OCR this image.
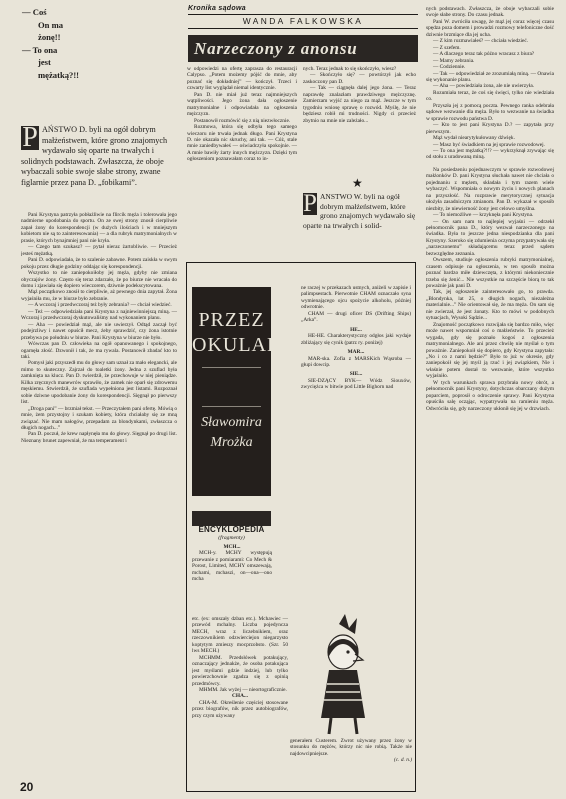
— Coś
On ma
żonę!!
— To ona
jest
mężatką?!!
Kronika sądowa
WANDA FALKOWSKA
Narzeczony z anonsu
P AŃSTWO D. byli na ogół dobrym małżeństwem, które grono znajomych wydawało się oparte na trwałych i solidnych podstawach. Zwłaszcza, że oboje wybaczali sobie swoje słabe strony, zwane figlarnie przez pana D. „fobikami”.

Pani Krystyna patrzyła pobłażliwie na flircik męża i tolerowała jego nadmierne upodobania do sportu. On ze swej strony znosił cierpliwie zapał żony do korespondencji (w dużych ilościach i w mniejszym kobietom nie są to zainteresowania) — a dla rubryk matrymonialnych w prasie, których bynajmniej pani nie kryła.

— Czego tam szukasz? — pytał nieraz żartobliwie. — Przecież jesteś mężatką.

Pani D. odpowiadała, że to szalenie zabawne. Potem zaiskła w swym pokoju przez długie godziny oddając się korespondencji.

Wszystko to nie zaniepokoiłoby jej męża, gdyby nie zmiana obyczajów żony. Często się teraz zdarzało, że po biurze nie wracała do domu i zjawiała się dopiero wieczorem, dziwnie podekscytowana.

Mąż początkowo znosił to cierpliwie, aż pewnego dnia zapytał. Żona wyjaśniła mu, że w biurze było zebranie.

— A wczoraj i przedwczoraj też były zebrania? — chciał wiedzieć.

— Też — odpowiedziała pani Krystyna z najniewinniejszą miną. — Wczoraj i przedwczoraj dyskutowaliśmy nad wykonaniem planu.

— Aha — powiedział mąż, ale nie uwierzył. Odtąd zaczął być podejrzliwy i nawet opuścił mecz, żeby sprawdzić, czy żona istotnie przebywa po południu w biurze. Pani Krystyna w biurze nie było.

Wówczas pan D. człowieka na ogół opanowanego i spokojnego, ogarnęła złość. Dzwonił i tak, że ma rywala. Postanowił zbadać kto to taki.

Pomysł jaki przyszedł mu do głowy sam uznał za mało elegancki, ale mimo to skuteczny. Zajrzał do toaletki żony. Jedna z szuflad była zamknięta na klucz. Pan D. twierdził, że przechowuje w niej pieniądze. Kilka zręcznych manewrów sprawiło, że zamek nie oparł się zdrowemu męskiemu. Stwierdził, że szuflada wypełniona jest listami. Rozpoznał sobie dziwne upodobanie żony do korespondencji. Sięgnął po pierwszy list.

„Droga pani” — brzmiał tekst. — Przeczytałem pani ofertę. Mówią o mnie, żem przystojny i szukam kobiety, która chciałaby się ze mną związać. Nie mam nałogów, przepadam za blondynkami, zwłaszcza o długich nogach...”

Pan D. poczuł, że krew napłynęła mu do głowy. Sięgnął po drugi list. Nieznany brunet zapewniał, że ma temperament i

w odpowiedzi na ofertę zaprasza do restauracji Calypso. „Potem możemy pójść do mnie, aby poznać się dokładniej” — kończył. Trzeci i czwarty list wyglądał niemal identycznie.

Pan D. nie miał już teraz najmniejszych wątpliwości. Jego żona dała ogłoszenie matrymonialne i odpowiadała na ogłoszenia mężczyzn.

Postanowił rozmówić się z nią niezwłocznie.

Rozmowa, która się odbyła tego samego wieczoru nie trwała jednak długo. Pani Krystyna D. nie okazała nic skruchy, ani tak. — Cóż, stale mnie zaniedbywałeś — oświadczyła spokojnie. — A mnie bawiły żarty innych mężczyzn. Dzięki tym ogłoszeniom poznawałam coraz to in-

nych. Teraz jednak to się skończyło, wiesz?

— Skończyło się? — powtórzył jak echo zaskoczony pan D.

— Tak — ciągnęła dalej jego żona. — Teraz naprawdę znalazłam prawdziwego mężczyznę. Zamierzam wyjść za niego za mąż. Jeszcze w tym tygodniu wniosę sprawę o rozwód. Myślę, że nie będziesz robił mi trudności. Nigdy ci przecież zbytnio na mnie nie zależało...

★
P ANSTWO W. byli na ogół dobrym małżeństwem, które grono znajomych wydawało się oparte na trwałych i solid-
PRZEZ
OKULARY
Sławomira
Mrożka
ENCYKLOPEDIA
(fragmenty)

MCH...

MCH-y. MCHY występują przewanie z pomiarami: Co Mech & Porost, Limited, MCHY omszewają, mchami, mchaszi, on—ona—ono mcha

etc. (ex: omszały dzban etc.). Mchawiec — przewód mchalny. Liczba pojedyncza MECH, wraz z liczebnikiem, oraz rzeczownikiem odzwierciejon niegarzysto koptytym zmieszy mocprzobsto. (Szr. 50 lws MECH.)

MCHMM. Przedsłówek potakujący, oznaczający jednakże, że osoba potakująca jest myślami gdzie indziej, lub tylko powierzchownie zgadza się z opinią przedmówcy.

MHMM. Jak wyżej — nieortograficznie.

CHA...

CHA-M. Określenie częściej stosowane przez biografów, nik przez autobiografów, przy czym używany

ne raczej w przekazach ustnych, aniżeli w zapisie i palimpsestach. Pierwotnie CHAM oznaczało syna wymienającego ojcu spożycie alkoholu, później odwrotnie.

CHAM — drugi oficer DS (Drifting Ships) „Arka”.

HE...

HE-HE. Charakterystyczny odgłos jaki wydaje zbliżający się cynik (patrz ry. poniżej)

MAR...

MAR-ska. Zofia z MARSKich Wąsroba — głupi dowcip.

SIE...

SIE-DZĄCY BYK— Wódz Siouxów, zwyciężca w bitwie pod Little Bighorn nad

generałem Custerem. Zwrot używany przez żony w stosunku do mężów, którzy nic nie robią. Także nie najdowcipniejsze.

(c. d. n.)

nych podstawach. Zwłaszcza, że oboje wybaczali sobie swoje słabe strony. Do czasu jednak.

Pani W. zwróciła uwagę, że mąż jej coraz więcej czasu spędza poza domem i prowadzi rozmowy telefoniczne dość dziwnie brzmiące dla jej ucha.

— Z kim rozmawiałeś? — chciała wiedzieć.

— Z szefem.

— A dlaczego teraz tak późno wracasz z biura?

— Mamy zebrania.

— Codziennie.

— Tak — odpowiedział ze zrozumiałą miną. — Onawia się wykonanie planu.

— Aha — powiedziała żona, ale nie uwierzyła.

Rozumiała teraz, że coś się święci, tylko nie wiedziała co.

Przyszła jej z pomocą poczta. Pewnego ranka odebrała sądowe wezwanie dla męża. Było to wezwanie na świadka w sprawie rozwodu państwa D.

— Kto to jest pani Krystyna D.? — zapytała przy pierwszym.

Mąż wydał niearytykułowany dźwięk.

— Masz być świadkiem na jej sprawie rozwodowej.

— To ona jest mężatką?!!? — wykrzyknął zrywając się od stołu z uradowaną miną.

Na posiedzeniu pojednawczym w sprawie rozwodowej małżonków D. pani Krystyna słuchała nawet nie chciała o pojednaniu z mężem, składała i tym razem wiele wybaczyć. Wspomniała o nowym życiu i nowych planach na przyszłość. Na rozprawie merytorycznej sytuacja ułożyła zasadniczym zmianom. Pan D. wykazał w sposób niezbity, że niewierność żony jest celowo umyślna.

— To niemożliwe — krzyknęła pani Krystyna.

— On sam nam to najlepiej wyjaśni — odrzekł pełnomocnik pana D., który wezwał narzeczonego na świadka. Była to jeszcze jedna niespodzianka dla pani Krystyny. Szeroko się zdumienia oczyma przypatrywała się „narzeczonemu” składającemu teraz przed sądem bezwzględne zeznania.

Owszem, studiuje ogłoszenia rubryki matrymonialnej, czasem odpisuje na ogłoszenia, w ten sposób można poznać bardzo miłe dziewczęta, z którymi niekoniecznie trzeba się żenić... Nie wszystkie na szczęście biorą to tak poważnie jak pani D.

Tak, jej ogłoszenie zainteresowało go, to prawda. „Blondynka, lat 25, o długich nogach, niezależna materialnie...” Nie orientował się, że ma męża. On sam się nie zwierzał, że jest żonaty. Kto to mówi w podobnych sytuacjach, Wysoki Sądzie...

Znajomość początkowo rozwijała się bardzo miło, więc może nawet wspomniał coś o małżeństwie. To przecież wygada, gdy się poznało kogoś z ogłoszenia matrymonialnego. Ale ani przez chwilę nie myślał o tym poważnie. Zaniepokoił się dopiero, gdy Krystyna zapytała: „No i co z nami będzie?” Było to już w okresie, gdy zaniepokoił się jej myśl ją rzuć i jej związkiem, Nie i właśnie potem dostał to wezwanie, które wszystko wyjaśniło.

W tych warunkach sprawa przybrała nowy obrót, a pełnomocnik pani Krystyny, dotychczas obarczany dużym poparciem, poprosił o odroczenie sprawy. Pani Krystyna opuściła salę ocząjąc, wypatrywała na ramieniu męża. Odwróciła się, gdy narzeczony ukłonił się jej w drzwiach.

20
